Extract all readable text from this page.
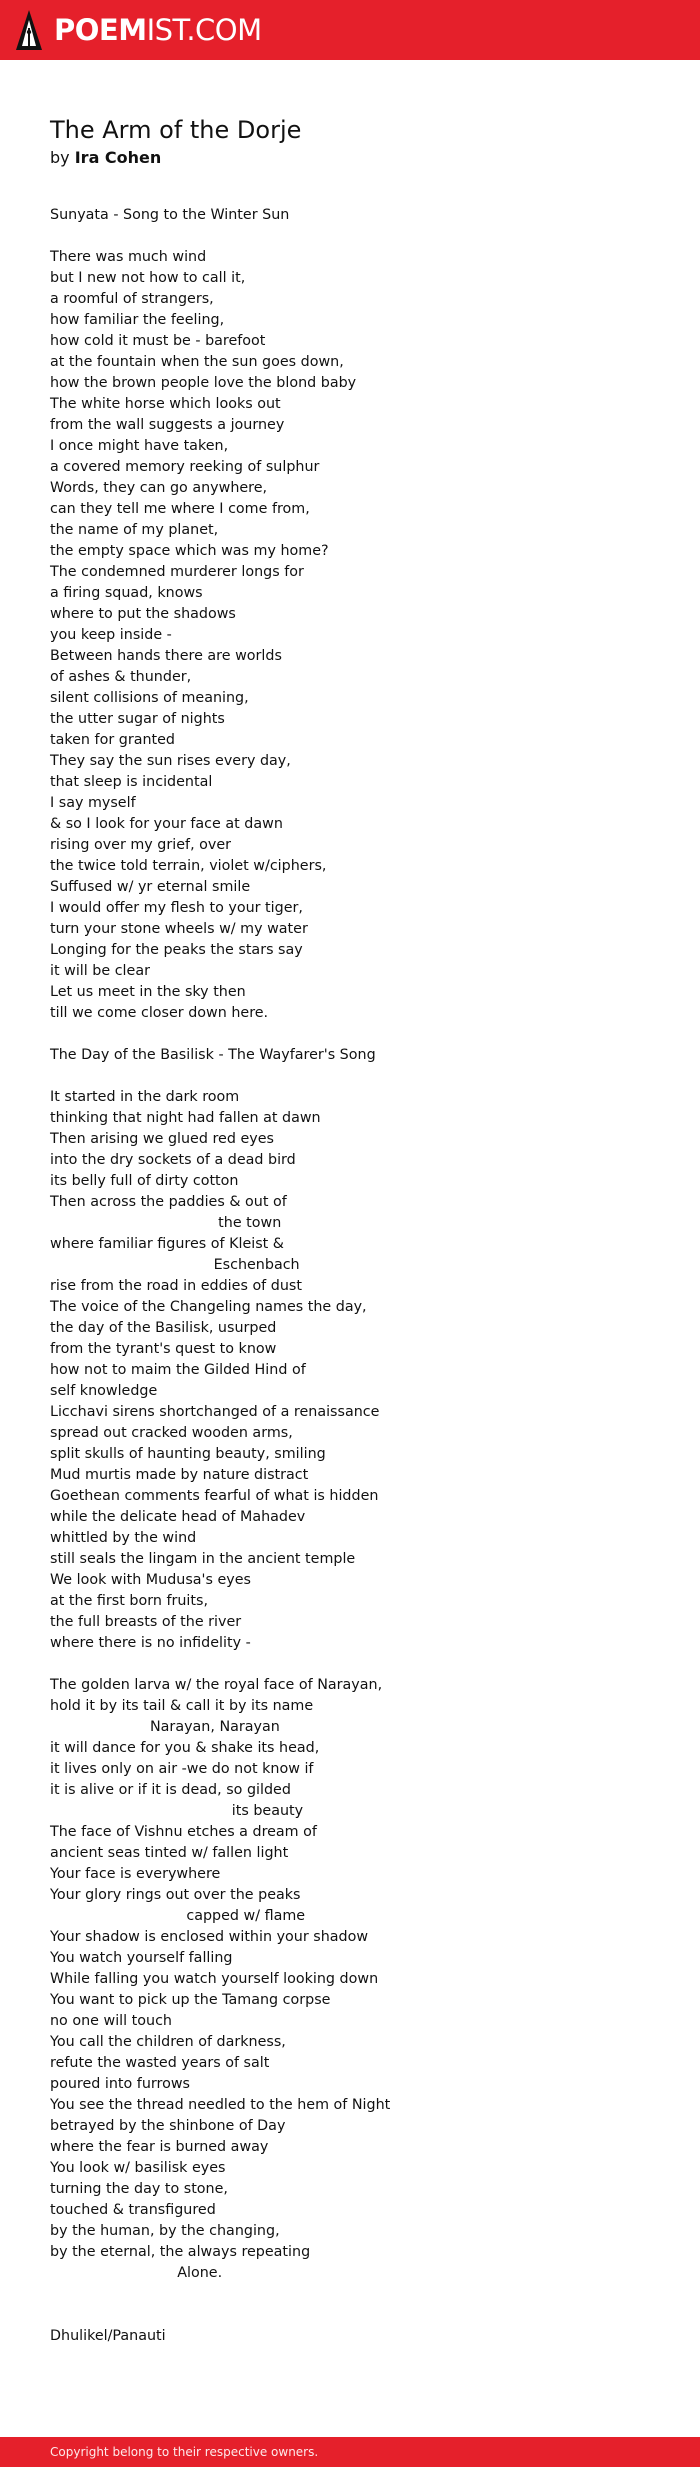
POEMIST.COM
The Arm of the Dorje
by Ira Cohen
Sunyata - Song to the Winter Sun
There was much wind
but I new not how to call it,
a roomful of strangers,
how familiar the feeling,
how cold it must be - barefoot
at the fountain when the sun goes down,
how the brown people love the blond baby
The white horse which looks out
from the wall suggests a journey
I once might have taken,
a covered memory reeking of sulphur
Words, they can go anywhere,
can they tell me where I come from,
the name of my planet,
the empty space which was my home?
The condemned murderer longs for
a firing squad, knows
where to put the shadows
you keep inside -
Between hands there are worlds
of ashes & thunder,
silent collisions of meaning,
the utter sugar of nights
taken for granted
They say the sun rises every day,
that sleep is incidental
I say myself
& so I look for your face at dawn
rising over my grief, over
the twice told terrain, violet w/ciphers,
Suffused w/ yr eternal smile
I would offer my flesh to your tiger,
turn your stone wheels w/ my water
Longing for the peaks the stars say
it will be clear
Let us meet in the sky then
till we come closer down here.
The Day of the Basilisk - The Wayfarer's Song
It started in the dark room
thinking that night had fallen at dawn
Then arising we glued red eyes
into the dry sockets of a dead bird
its belly full of dirty cotton
Then across the paddies & out of
the town
where familiar figures of Kleist &
Eschenbach
rise from the road in eddies of dust
The voice of the Changeling names the day,
the day of the Basilisk, usurped
from the tyrant's quest to know
how not to maim the Gilded Hind of
self knowledge
Licchavi sirens shortchanged of a renaissance
spread out cracked wooden arms,
split skulls of haunting beauty, smiling
Mud murtis made by nature distract
Goethean comments fearful of what is hidden
while the delicate head of Mahadev
whittled by the wind
still seals the lingam in the ancient temple
We look with Mudusa's eyes
at the first born fruits,
the full breasts of the river
where there is no infidelity -
The golden larva w/ the royal face of Narayan,
hold it by its tail & call it by its name
Narayan, Narayan
it will dance for you & shake its head,
it lives only on air -we do not know if
it is alive or if it is dead, so gilded
its beauty
The face of Vishnu etches a dream of
ancient seas tinted w/ fallen light
Your face is everywhere
Your glory rings out over the peaks
capped w/ flame
Your shadow is enclosed within your shadow
You watch yourself falling
While falling you watch yourself looking down
You want to pick up the Tamang corpse
no one will touch
You call the children of darkness,
refute the wasted years of salt
poured into furrows
You see the thread needled to the hem of Night
betrayed by the shinbone of Day
where the fear is burned away
You look w/ basilisk eyes
turning the day to stone,
touched & transfigured
by the human, by the changing,
by the eternal, the always repeating
Alone.
Dhulikel/Panauti
Copyright belong to their respective owners.
